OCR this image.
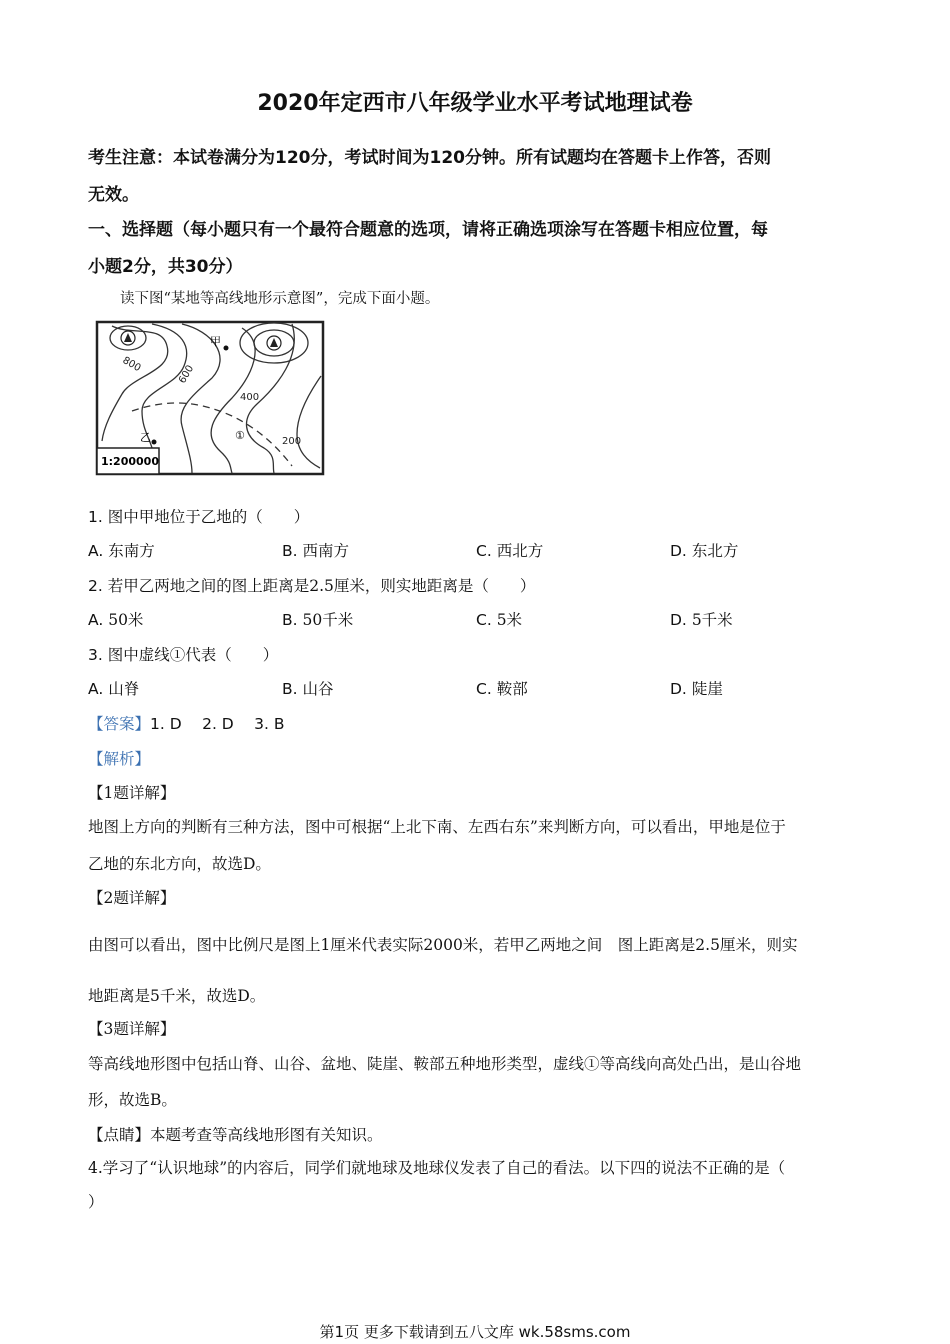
2020年定西市八年级学业水平考试地理试卷
考生注意：本试卷满分为120分，考试时间为120分钟。所有试题均在答题卡上作答，否则
无效。
一、选择题（每小题只有一个最符合题意的选项，请将正确选项涂写在答题卡相应位置，每
小题2分，共30分）
读下图“某地等高线地形示意图”，完成下面小题。
甲
乙	①
800	600
400
200
1:200000
1. 图中甲地位于乙地的（　　）
A. 东南方	B. 西南方	C. 西北方	D. 东北方
2. 若甲乙两地之间的图上距离是2.5厘米，则实地距离是（　　）
A. 50米	B. 50千米	C. 5米	D. 5千米
3. 图中虚线①代表（　　）
A. 山脊	B. 山谷	C. 鞍部	D. 陡崖
【答案】1. D　 2. D　 3. B
【解析】
【1题详解】
地图上方向的判断有三种方法，图中可根据“上北下南、左西右东”来判断方向，可以看出，甲地是位于
乙地的东北方向，故选D。
【2题详解】
由图可以看出，图中比例尺是图上1厘米代表实际2000米，若甲乙两地之间　图上距离是2.5厘米，则实
地距离是5千米，故选D。
【3题详解】
等高线地形图中包括山脊、山谷、盆地、陡崖、鞍部五种地形类型，虚线①等高线向高处凸出，是山谷地
形，故选B。
【点睛】本题考查等高线地形图有关知识。
4.学习了“认识地球”的内容后，同学们就地球及地球仪发表了自己的看法。以下四的说法不正确的是（
）
第1页 更多下载请到五八文库 wk.58sms.com
